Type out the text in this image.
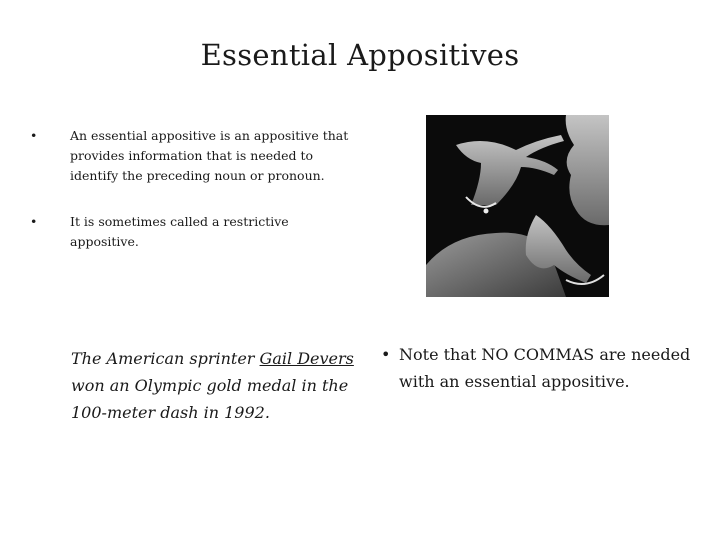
Essential Appositives
•	An essential appositive is an appositive that provides information that is needed to identify the preceding noun or pronoun.
•	It is sometimes called a restrictive appositive.
The American sprinter Gail Devers won an Olympic gold medal in the 100-meter dash in 1992.
• Note that NO COMMAS are needed with an essential appositive.
